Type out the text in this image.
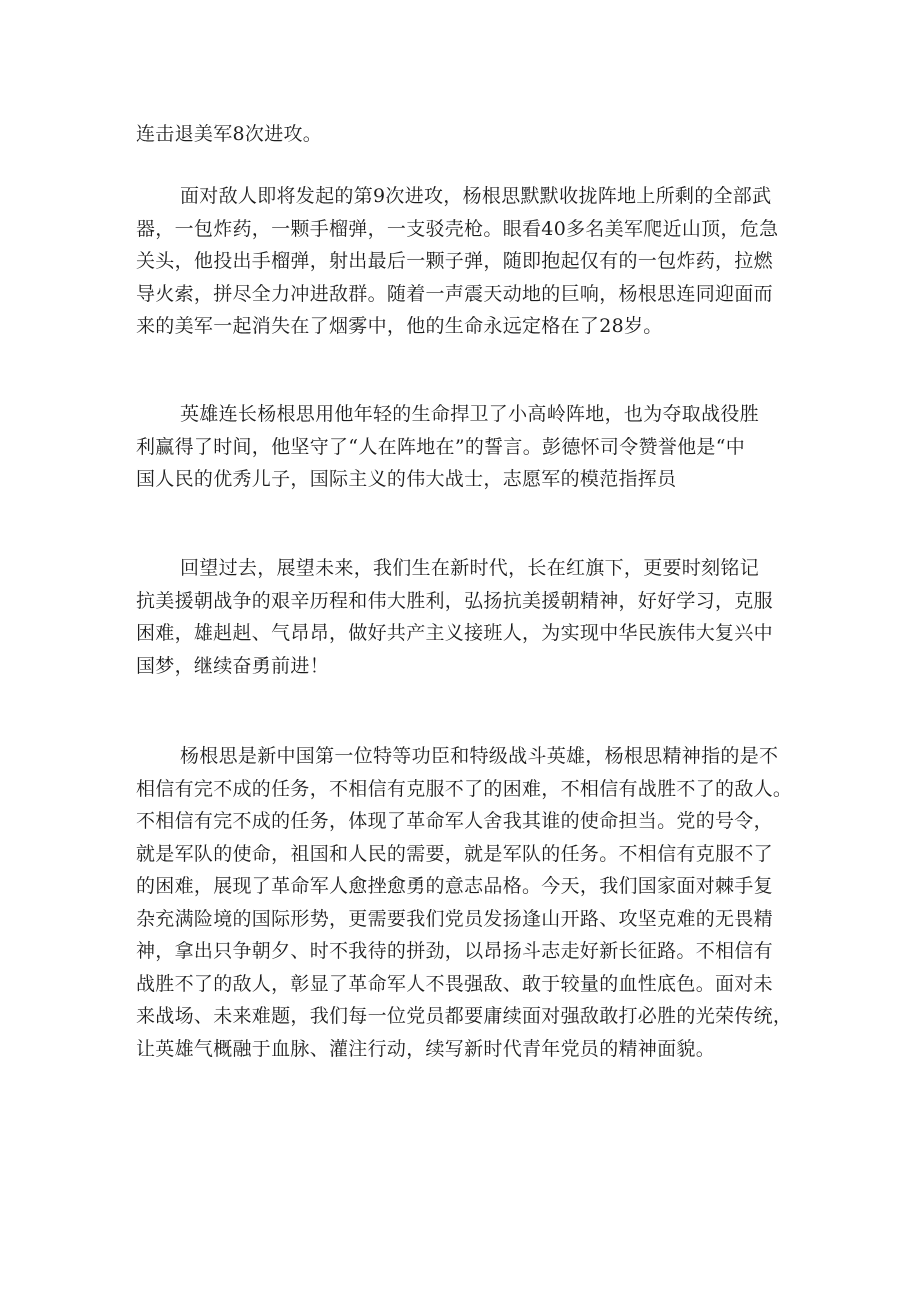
连击退美军8次进攻。

面对敌人即将发起的第9次进攻，杨根思默默收拢阵地上所剩的全部武
器，一包炸药，一颗手榴弹，一支驳壳枪。眼看40多名美军爬近山顶，危急
关头，他投出手榴弹，射出最后一颗子弹，随即抱起仅有的一包炸药，拉燃
导火索，拼尽全力冲进敌群。随着一声震天动地的巨响，杨根思连同迎面而
来的美军一起消失在了烟雾中，他的生命永远定格在了28岁。

英雄连长杨根思用他年轻的生命捍卫了小高岭阵地，也为夺取战役胜
利赢得了时间，他坚守了“人在阵地在”的誓言。彭德怀司令赞誉他是“中
国人民的优秀儿子，国际主义的伟大战士，志愿军的模范指挥员

回望过去，展望未来，我们生在新时代，长在红旗下，更要时刻铭记
抗美援朝战争的艰辛历程和伟大胜利，弘扬抗美援朝精神，好好学习，克服
困难，雄赳赳、气昂昂，做好共产主义接班人，为实现中华民族伟大复兴中
国梦，继续奋勇前进！

杨根思是新中国第一位特等功臣和特级战斗英雄，杨根思精神指的是不
相信有完不成的任务，不相信有克服不了的困难，不相信有战胜不了的敌人。
不相信有完不成的任务，体现了革命军人舍我其谁的使命担当。党的号令，
就是军队的使命，祖国和人民的需要，就是军队的任务。不相信有克服不了
的困难，展现了革命军人愈挫愈勇的意志品格。今天，我们国家面对棘手复
杂充满险境的国际形势，更需要我们党员发扬逢山开路、攻坚克难的无畏精
神，拿出只争朝夕、时不我待的拼劲，以昂扬斗志走好新长征路。不相信有
战胜不了的敌人，彰显了革命军人不畏强敌、敢于较量的血性底色。面对未
来战场、未来难题，我们每一位党员都要庸续面对强敌敢打必胜的光荣传统，
让英雄气概融于血脉、灌注行动，续写新时代青年党员的精神面貌。
